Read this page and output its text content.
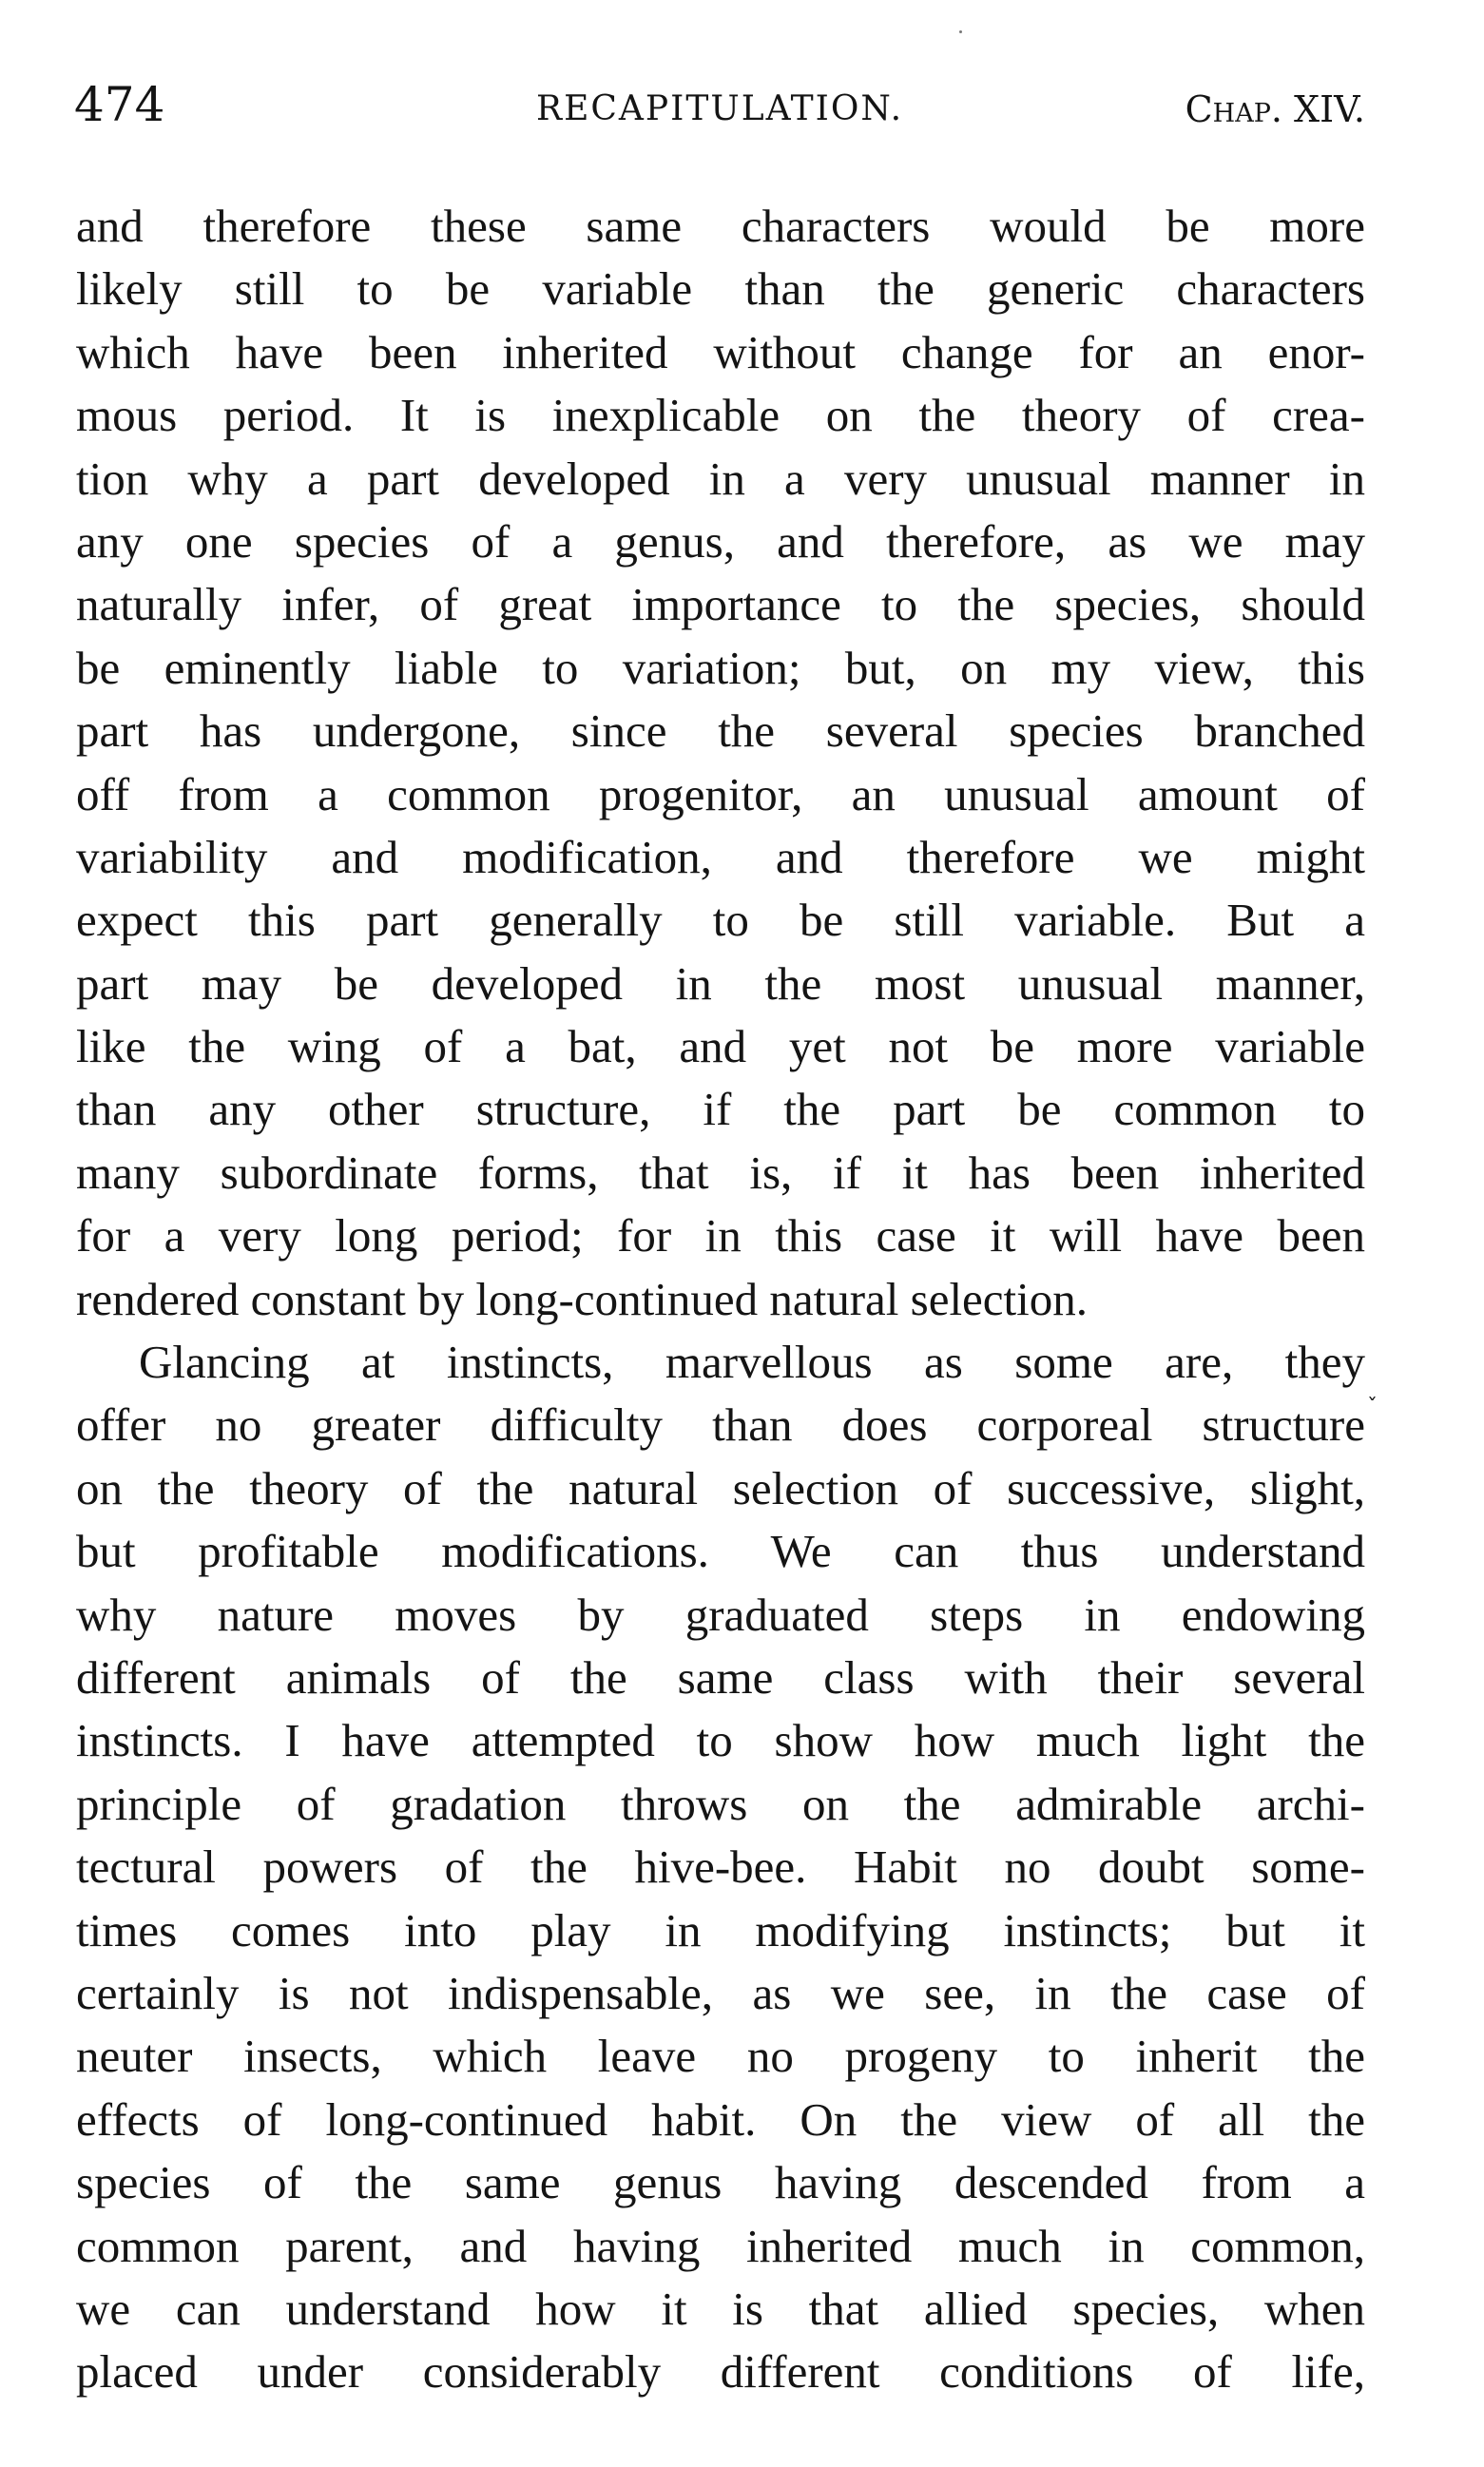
474	RECAPITULATION.	Chap. XIV.
and therefore these same characters would be more
likely still to be variable than the generic characters
which have been inherited without change for an enor-
mous period. It is inexplicable on the theory of crea-
tion why a part developed in a very unusual manner in
any one species of a genus, and therefore, as we may
naturally infer, of great importance to the species, should
be eminently liable to variation; but, on my view, this
part has undergone, since the several species branched
off from a common progenitor, an unusual amount of
variability and modification, and therefore we might
expect this part generally to be still variable. But a
part may be developed in the most unusual manner,
like the wing of a bat, and yet not be more variable
than any other structure, if the part be common to
many subordinate forms, that is, if it has been inherited
for a very long period; for in this case it will have been
rendered constant by long-continued natural selection.
Glancing at instincts, marvellous as some are, they
offer no greater difficulty than does corporeal structure
on the theory of the natural selection of successive, slight,
but profitable modifications. We can thus understand
why nature moves by graduated steps in endowing
different animals of the same class with their several
instincts. I have attempted to show how much light the
principle of gradation throws on the admirable archi-
tectural powers of the hive-bee. Habit no doubt some-
times comes into play in modifying instincts; but it
certainly is not indispensable, as we see, in the case of
neuter insects, which leave no progeny to inherit the
effects of long-continued habit. On the view of all the
species of the same genus having descended from a
common parent, and having inherited much in common,
we can understand how it is that allied species, when
placed under considerably different conditions of life,
ˇ
